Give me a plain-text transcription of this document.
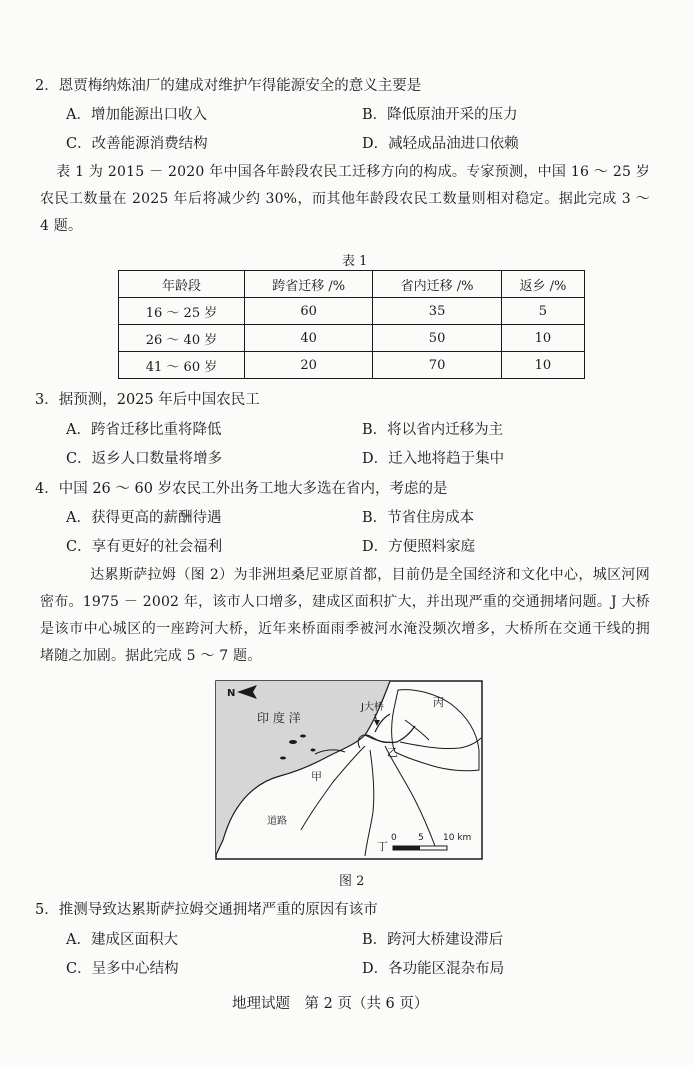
2．恩贾梅纳炼油厂的建成对维护乍得能源安全的意义主要是
A．增加能源出口收入	B．降低原油开采的压力
C．改善能源消费结构	D．减轻成品油进口依赖
表 1 为 2015 － 2020 年中国各年龄段农民工迁移方向的构成。专家预测，中国 16 ～ 25 岁农民工数量在 2025 年后将减少约 30%，而其他年龄段农民工数量则相对稳定。据此完成 3 ～ 4 题。
表 1
年龄段	跨省迁移 /%	省内迁移 /%	返乡 /%
16 ～ 25 岁	60	35	5
26 ～ 40 岁	40	50	10
41 ～ 60 岁	20	70	10
3．据预测，2025 年后中国农民工
A．跨省迁移比重将降低	B．将以省内迁移为主
C．返乡人口数量将增多	D．迁入地将趋于集中
4．中国 26 ～ 60 岁农民工外出务工地大多选在省内，考虑的是
A．获得更高的薪酬待遇	B．节省住房成本
C．享有更好的社会福利	D．方便照料家庭
达累斯萨拉姆（图 2）为非洲坦桑尼亚原首都，目前仍是全国经济和文化中心，城区河网密布。1975 － 2002 年，该市人口增多，建成区面积扩大，并出现严重的交通拥堵问题。J 大桥是该市中心城区的一座跨河大桥，近年来桥面雨季被河水淹没频次增多，大桥所在交通干线的拥堵随之加剧。据此完成 5 ～ 7 题。
N
印 度 洋
J大桥	丙
乙
甲
道路
丁
0 5 10 km
图 2
5．推测导致达累斯萨拉姆交通拥堵严重的原因有该市
A．建成区面积大	B．跨河大桥建设滞后
C．呈多中心结构	D．各功能区混杂布局
地理试题　第 2 页（共 6 页）
